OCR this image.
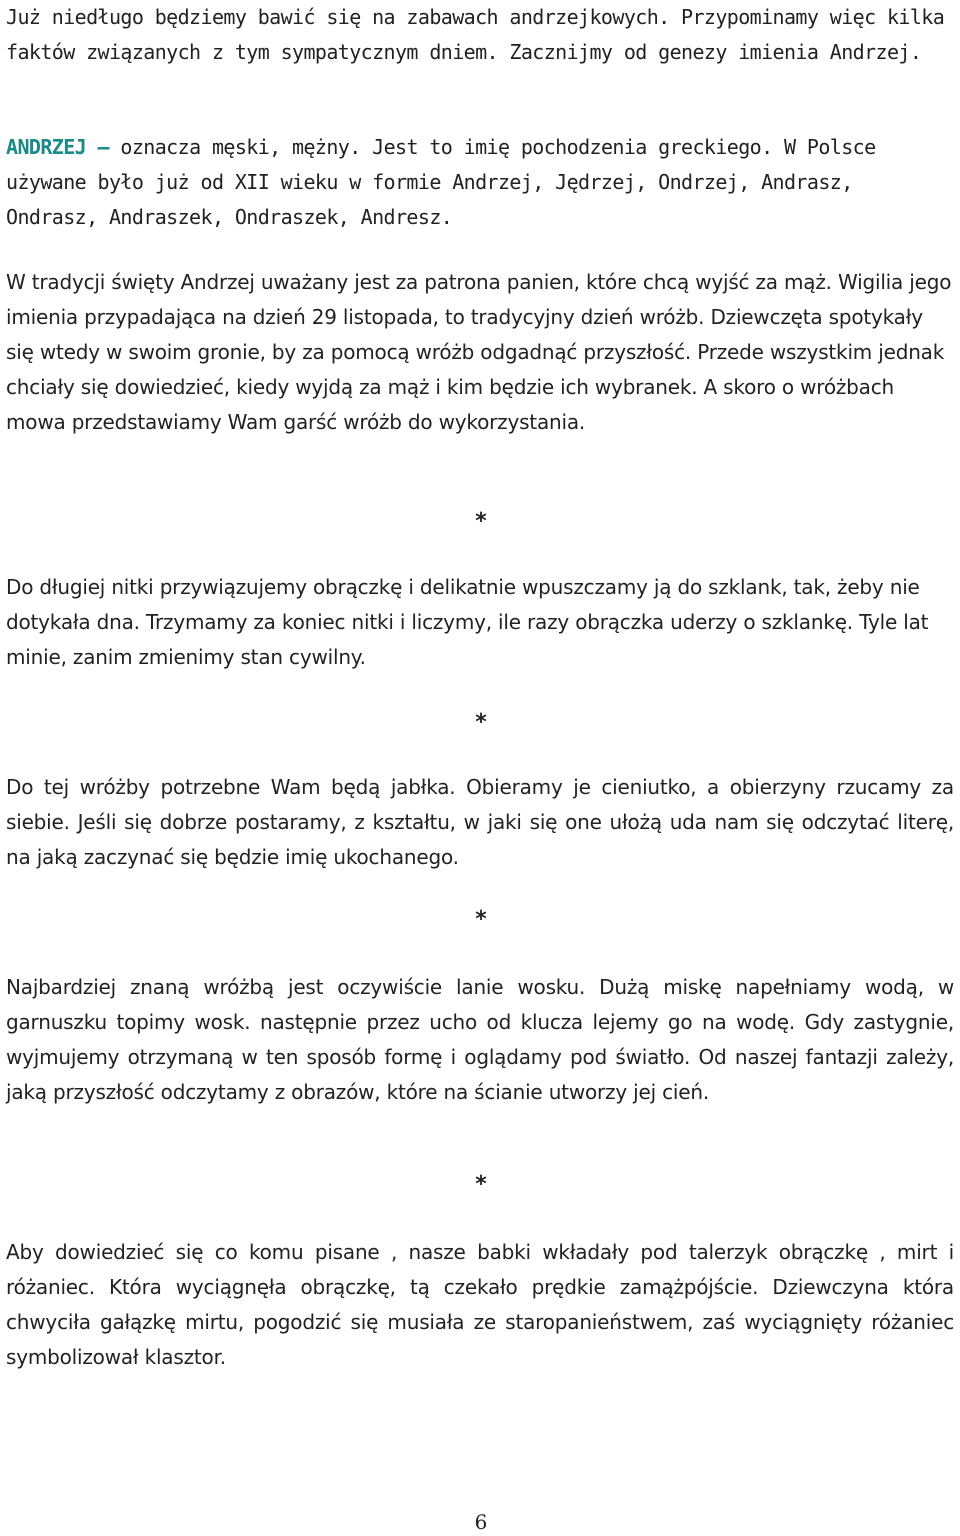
Już niedługo będziemy bawić się na zabawach andrzejkowych. Przypominamy więc kilka faktów związanych z tym sympatycznym dniem. Zacznijmy od genezy imienia Andrzej.

ANDRZEJ – oznacza męski, mężny. Jest to imię pochodzenia greckiego. W Polsce używane było już od XII wieku w formie Andrzej, Jędrzej, Ondrzej, Andrasz, Ondrasz, Andraszek, Ondraszek, Andresz.

W tradycji święty Andrzej uważany jest za patrona panien, które chcą wyjść za mąż. Wigilia jego imienia przypadająca na dzień 29 listopada, to tradycyjny dzień wróżb. Dziewczęta spotykały się wtedy w swoim gronie, by za pomocą wróżb odgadnąć przyszłość. Przede wszystkim jednak chciały się dowiedzieć, kiedy wyjdą za mąż i kim będzie ich wybranek. A skoro o wróżbach mowa przedstawiamy Wam garść wróżb do wykorzystania.

*

Do długiej nitki przywiązujemy obrączkę i delikatnie wpuszczamy ją do szklank, tak, żeby nie dotykała dna. Trzymamy za koniec nitki i liczymy, ile razy obrączka uderzy o szklankę. Tyle lat minie, zanim zmienimy stan cywilny.

*

Do tej wróżby potrzebne Wam będą jabłka. Obieramy je cieniutko, a obierzyny rzucamy za siebie. Jeśli się dobrze postaramy, z kształtu, w jaki się one ułożą uda nam się odczytać literę, na jaką zaczynać się będzie imię ukochanego.

*

Najbardziej znaną wróżbą jest oczywiście lanie wosku. Dużą miskę napełniamy wodą, w garnuszku topimy wosk. następnie przez ucho od klucza lejemy go na wodę. Gdy zastygnie, wyjmujemy otrzymaną w ten sposób formę i oglądamy pod światło. Od naszej fantazji zależy, jaką przyszłość odczytamy z obrazów, które na ścianie utworzy jej cień.

*

Aby dowiedzieć się co komu pisane , nasze babki wkładały pod talerzyk obrączkę , mirt i różaniec. Która wyciągnęła obrączkę, tą czekało prędkie zamążpójście. Dziewczyna która chwyciła gałązkę mirtu, pogodzić się musiała ze staropanieństwem, zaś wyciągnięty różaniec symbolizował klasztor.

6
